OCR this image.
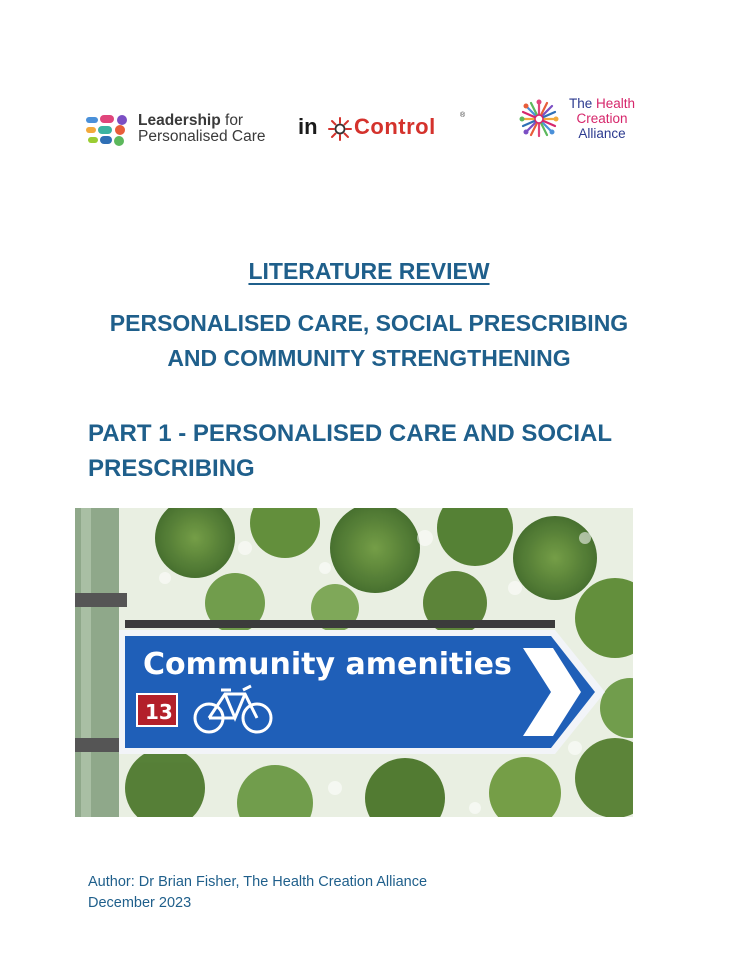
Leadership for
Personalised Care in Control	®
The Health
Creation
Alliance
LITERATURE REVIEW
PERSONALISED CARE, SOCIAL PRESCRIBING
AND COMMUNITY STRENGTHENING
PART 1 - PERSONALISED CARE AND SOCIAL
PRESCRIBING
Community amenities
13
Author: Dr Brian Fisher, The Health Creation Alliance
December 2023
